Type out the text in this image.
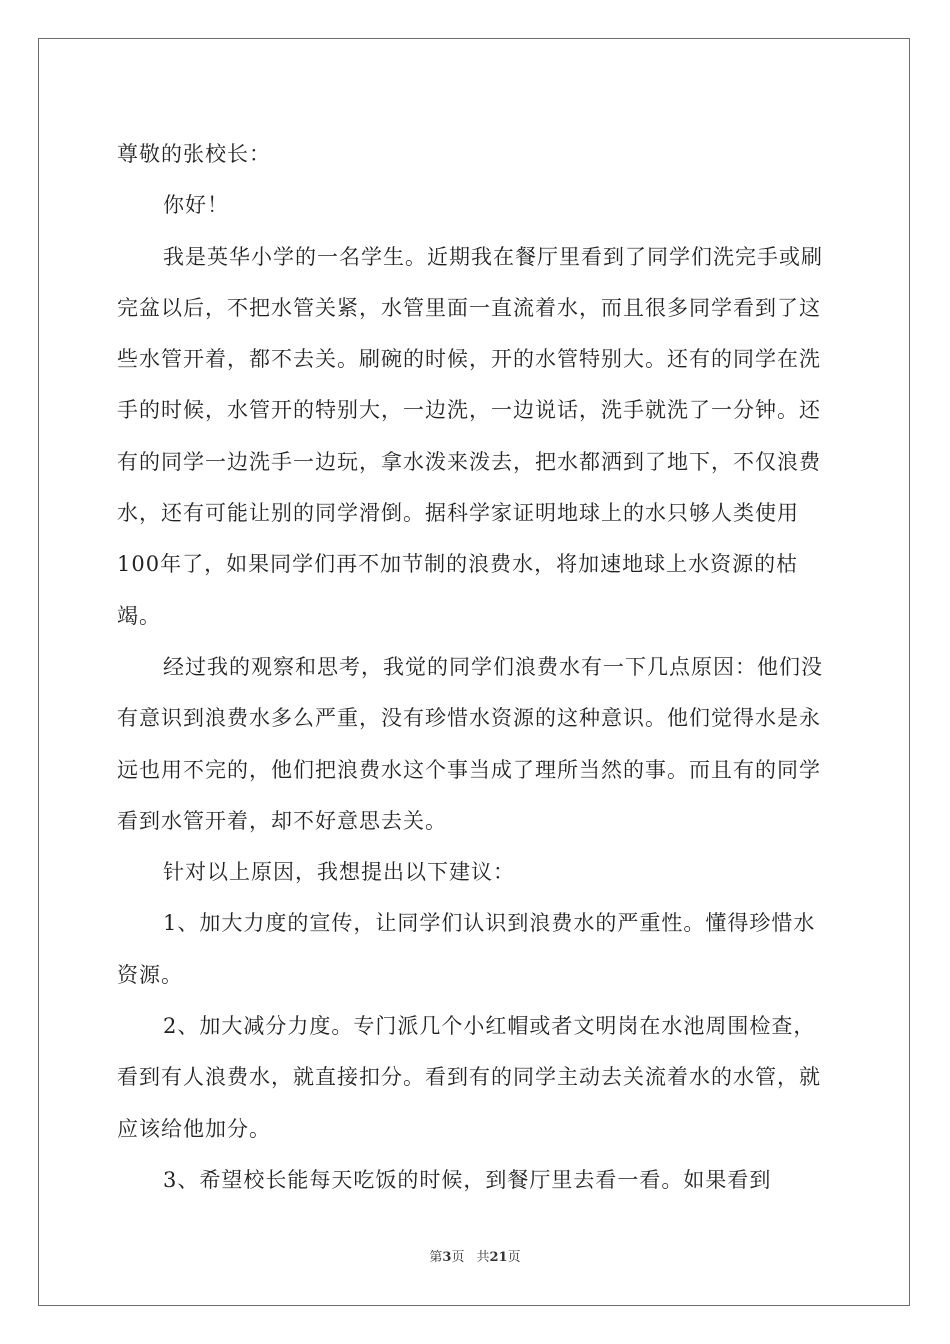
尊敬的张校长：

你好！

我是英华小学的一名学生。近期我在餐厅里看到了同学们洗完手或刷完盆以后，不把水管关紧，水管里面一直流着水，而且很多同学看到了这些水管开着，都不去关。刷碗的时候，开的水管特别大。还有的同学在洗手的时候，水管开的特别大，一边洗，一边说话，洗手就洗了一分钟。还有的同学一边洗手一边玩，拿水泼来泼去，把水都洒到了地下，不仅浪费水，还有可能让别的同学滑倒。据科学家证明地球上的水只够人类使用100年了，如果同学们再不加节制的浪费水，将加速地球上水资源的枯竭。

经过我的观察和思考，我觉的同学们浪费水有一下几点原因：他们没有意识到浪费水多么严重，没有珍惜水资源的这种意识。他们觉得水是永远也用不完的，他们把浪费水这个事当成了理所当然的事。而且有的同学看到水管开着，却不好意思去关。

针对以上原因，我想提出以下建议：

1、加大力度的宣传，让同学们认识到浪费水的严重性。懂得珍惜水资源。

2、加大减分力度。专门派几个小红帽或者文明岗在水池周围检查，看到有人浪费水，就直接扣分。看到有的同学主动去关流着水的水管，就应该给他加分。

3、希望校长能每天吃饭的时候，到餐厅里去看一看。如果看到

第3页 共21页
